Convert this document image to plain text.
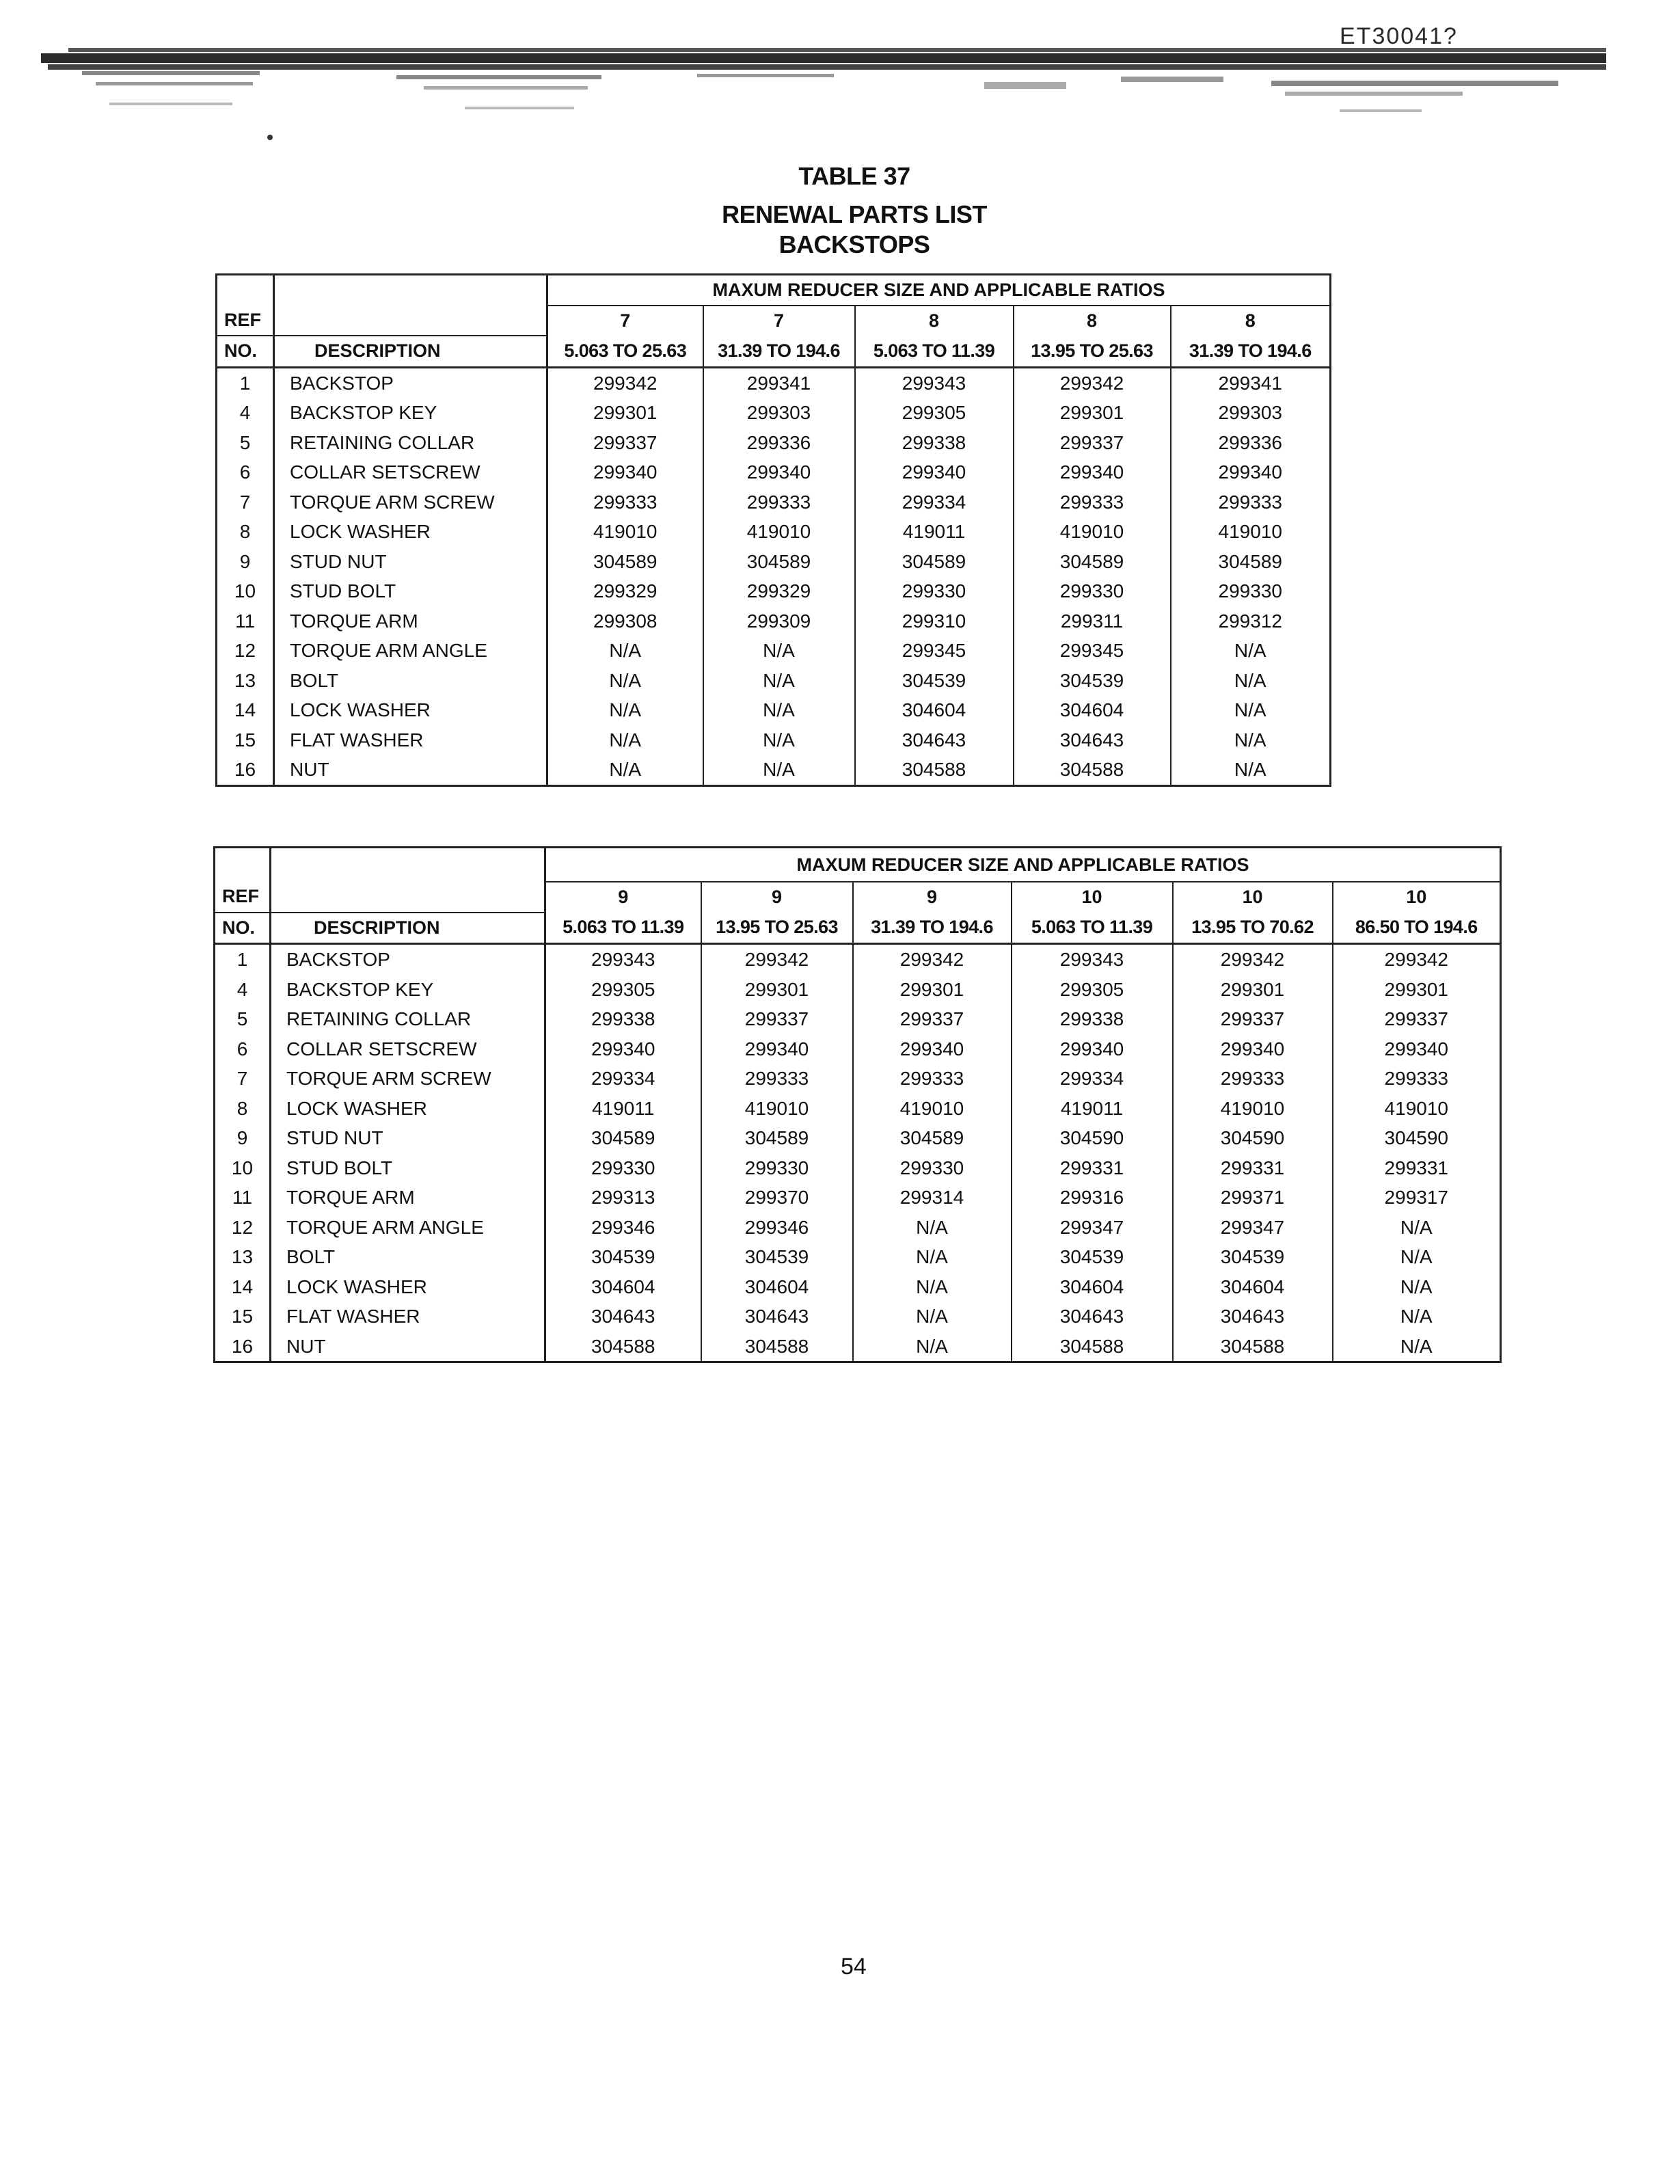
ET30041?
TABLE 37
RENEWAL PARTS LIST
BACKSTOPS
		MAXUM REDUCER SIZE AND APPLICABLE RATIOS				
REF		7	7	8	8	8
NO.	DESCRIPTION	5.063 TO 25.63	31.39 TO 194.6	5.063 TO 11.39	13.95 TO 25.63	31.39 TO 194.6
1	BACKSTOP	299342	299341	299343	299342	299341
4	BACKSTOP KEY	299301	299303	299305	299301	299303
5	RETAINING COLLAR	299337	299336	299338	299337	299336
6	COLLAR SETSCREW	299340	299340	299340	299340	299340
7	TORQUE ARM SCREW	299333	299333	299334	299333	299333
8	LOCK WASHER	419010	419010	419011	419010	419010
9	STUD NUT	304589	304589	304589	304589	304589
10	STUD BOLT	299329	299329	299330	299330	299330
11	TORQUE ARM	299308	299309	299310	299311	299312
12	TORQUE ARM ANGLE	N/A	N/A	299345	299345	N/A
13	BOLT	N/A	N/A	304539	304539	N/A
14	LOCK WASHER	N/A	N/A	304604	304604	N/A
15	FLAT WASHER	N/A	N/A	304643	304643	N/A
16	NUT	N/A	N/A	304588	304588	N/A
		MAXUM REDUCER SIZE AND APPLICABLE RATIOS					
REF		9	9	9	10	10	10
NO.	DESCRIPTION	5.063 TO 11.39	13.95 TO 25.63	31.39 TO 194.6	5.063 TO 11.39	13.95 TO 70.62	86.50 TO 194.6
1	BACKSTOP	299343	299342	299342	299343	299342	299342
4	BACKSTOP KEY	299305	299301	299301	299305	299301	299301
5	RETAINING COLLAR	299338	299337	299337	299338	299337	299337
6	COLLAR SETSCREW	299340	299340	299340	299340	299340	299340
7	TORQUE ARM SCREW	299334	299333	299333	299334	299333	299333
8	LOCK WASHER	419011	419010	419010	419011	419010	419010
9	STUD NUT	304589	304589	304589	304590	304590	304590
10	STUD BOLT	299330	299330	299330	299331	299331	299331
11	TORQUE ARM	299313	299370	299314	299316	299371	299317
12	TORQUE ARM ANGLE	299346	299346	N/A	299347	299347	N/A
13	BOLT	304539	304539	N/A	304539	304539	N/A
14	LOCK WASHER	304604	304604	N/A	304604	304604	N/A
15	FLAT WASHER	304643	304643	N/A	304643	304643	N/A
16	NUT	304588	304588	N/A	304588	304588	N/A
54
